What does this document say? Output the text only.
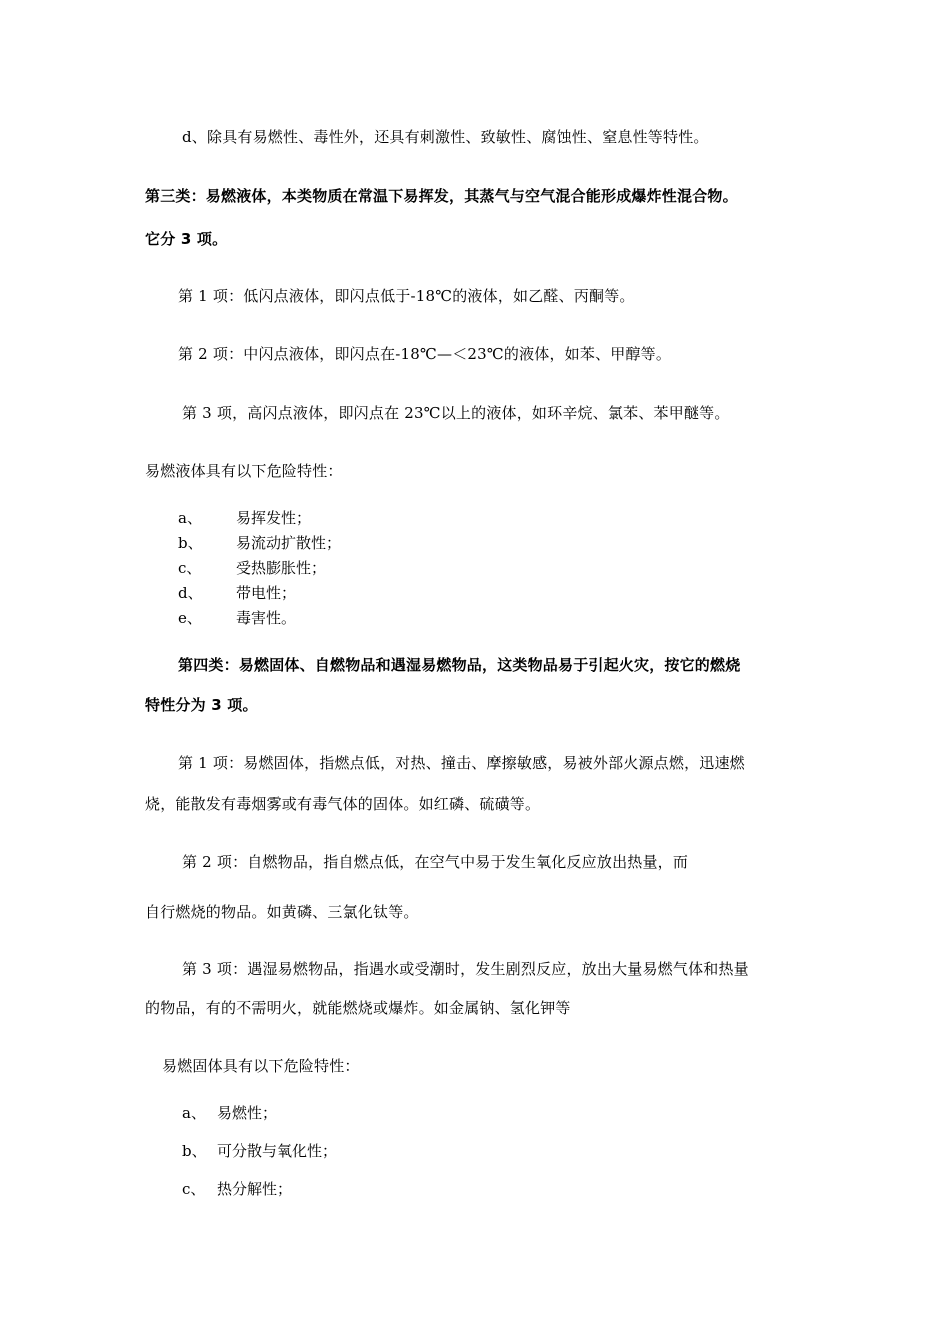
d、除具有易燃性、毒性外，还具有刺激性、致敏性、腐蚀性、窒息性等特性。
第三类：易燃液体，本类物质在常温下易挥发，其蒸气与空气混合能形成爆炸性混合物。
它分 3 项。
第 1 项：低闪点液体，即闪点低于-18℃的液体，如乙醛、丙酮等。
第 2 项：中闪点液体，即闪点在-18℃—＜23℃的液体，如苯、甲醇等。
第 3 项，高闪点液体，即闪点在 23℃以上的液体，如环辛烷、氯苯、苯甲醚等。
易燃液体具有以下危险特性：
a、 易挥发性；
b、 易流动扩散性；
c、 受热膨胀性；
d、 带电性；
e、 毒害性。
第四类：易燃固体、自燃物品和遇湿易燃物品，这类物品易于引起火灾，按它的燃烧
特性分为 3 项。
第 1 项：易燃固体，指燃点低，对热、撞击、摩擦敏感，易被外部火源点燃，迅速燃
烧，能散发有毒烟雾或有毒气体的固体。如红磷、硫磺等。
第 2 项：自燃物品，指自燃点低，在空气中易于发生氧化反应放出热量，而
自行燃烧的物品。如黄磷、三氯化钛等。
第 3 项：遇湿易燃物品，指遇水或受潮时，发生剧烈反应，放出大量易燃气体和热量
的物品，有的不需明火，就能燃烧或爆炸。如金属钠、氢化钾等
易燃固体具有以下危险特性：
a、 易燃性；
b、 可分散与氧化性；
c、 热分解性；
